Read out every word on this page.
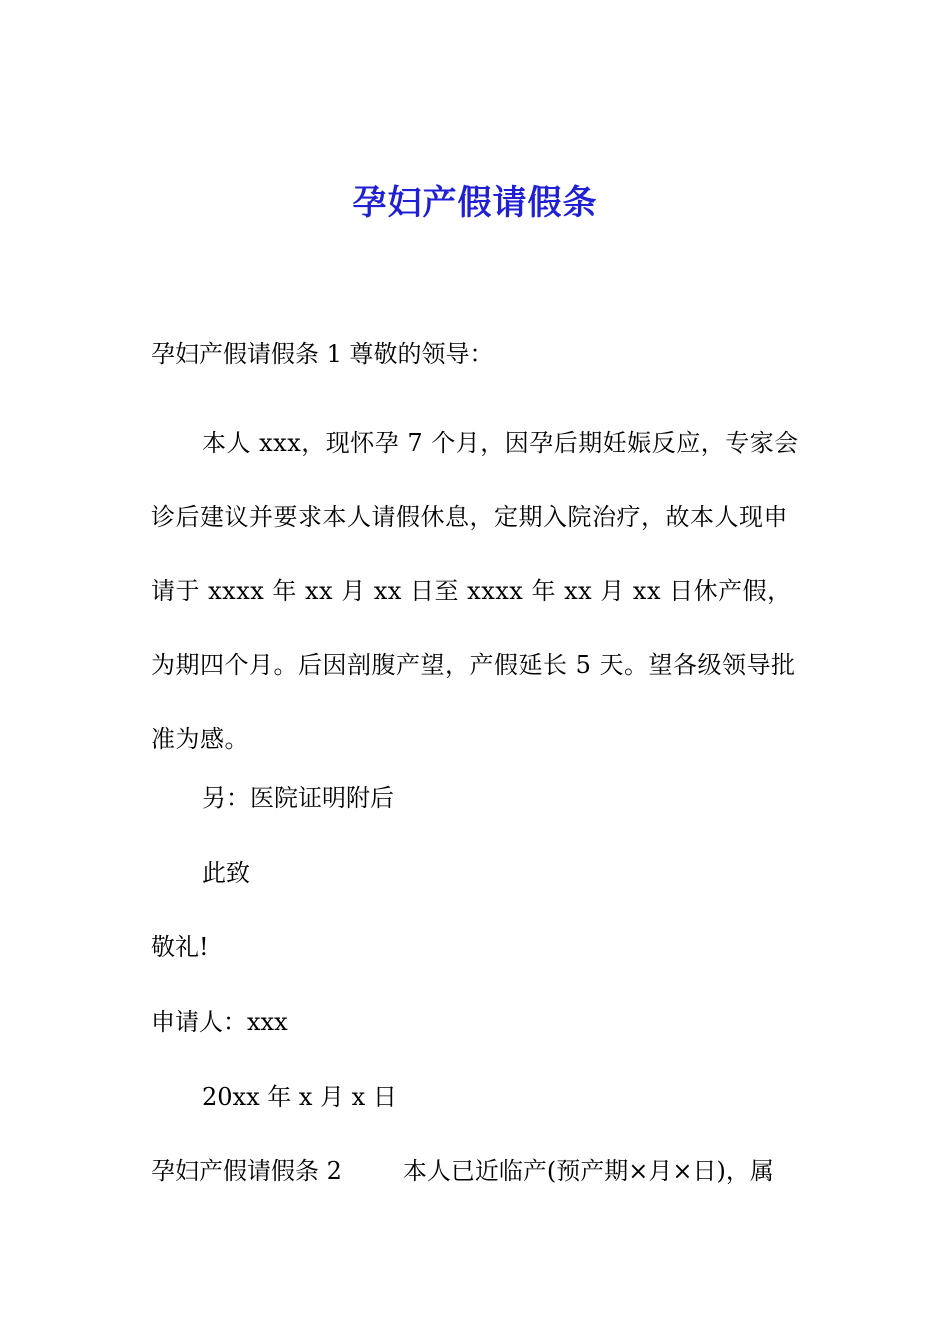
孕妇产假请假条
孕妇产假请假条 1 尊敬的领导：
本人 xxx，现怀孕 7 个月，因孕后期妊娠反应，专家会诊后建议并要求本人请假休息，定期入院治疗，故本人现申请于 xxxx 年 xx 月 xx 日至 xxxx 年 xx 月 xx 日休产假，为期四个月。后因剖腹产望，产假延长 5 天。望各级领导批准为感。
另：医院证明附后
此致
敬礼!
申请人：xxx
20xx 年 x 月 x 日
孕妇产假请假条 2        本人已近临产(预产期×月×日)，属
